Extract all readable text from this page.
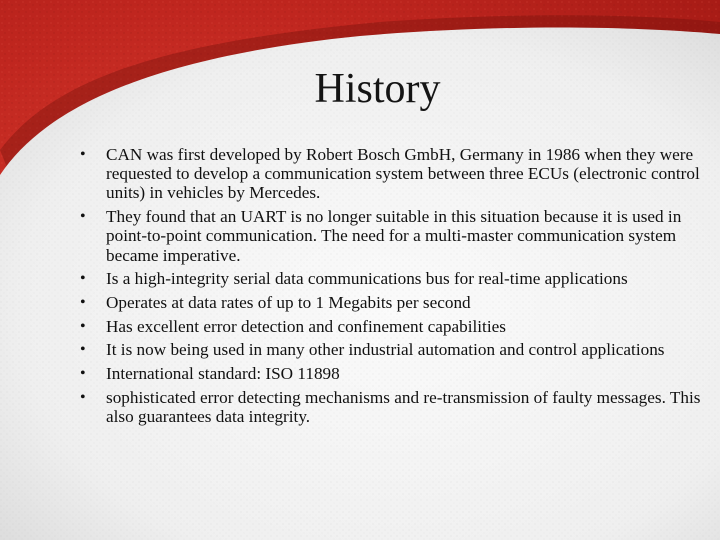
History
• CAN was first developed by Robert Bosch GmbH, Germany in 1986 when they were requested to develop a communication system between three ECUs (electronic control units) in vehicles by Mercedes.
• They found that an UART is no longer suitable in this situation because it is used in point-to-point communication. The need for a multi-master communication system became imperative.
• Is a high-integrity serial data communications bus for real-time applications
• Operates at data rates of up to 1 Megabits per second
• Has excellent error detection and confinement capabilities
• It is now being used in many other industrial automation and control applications
• International standard: ISO 11898
• sophisticated error detecting mechanisms and re-transmission of faulty messages. This also guarantees data integrity.
